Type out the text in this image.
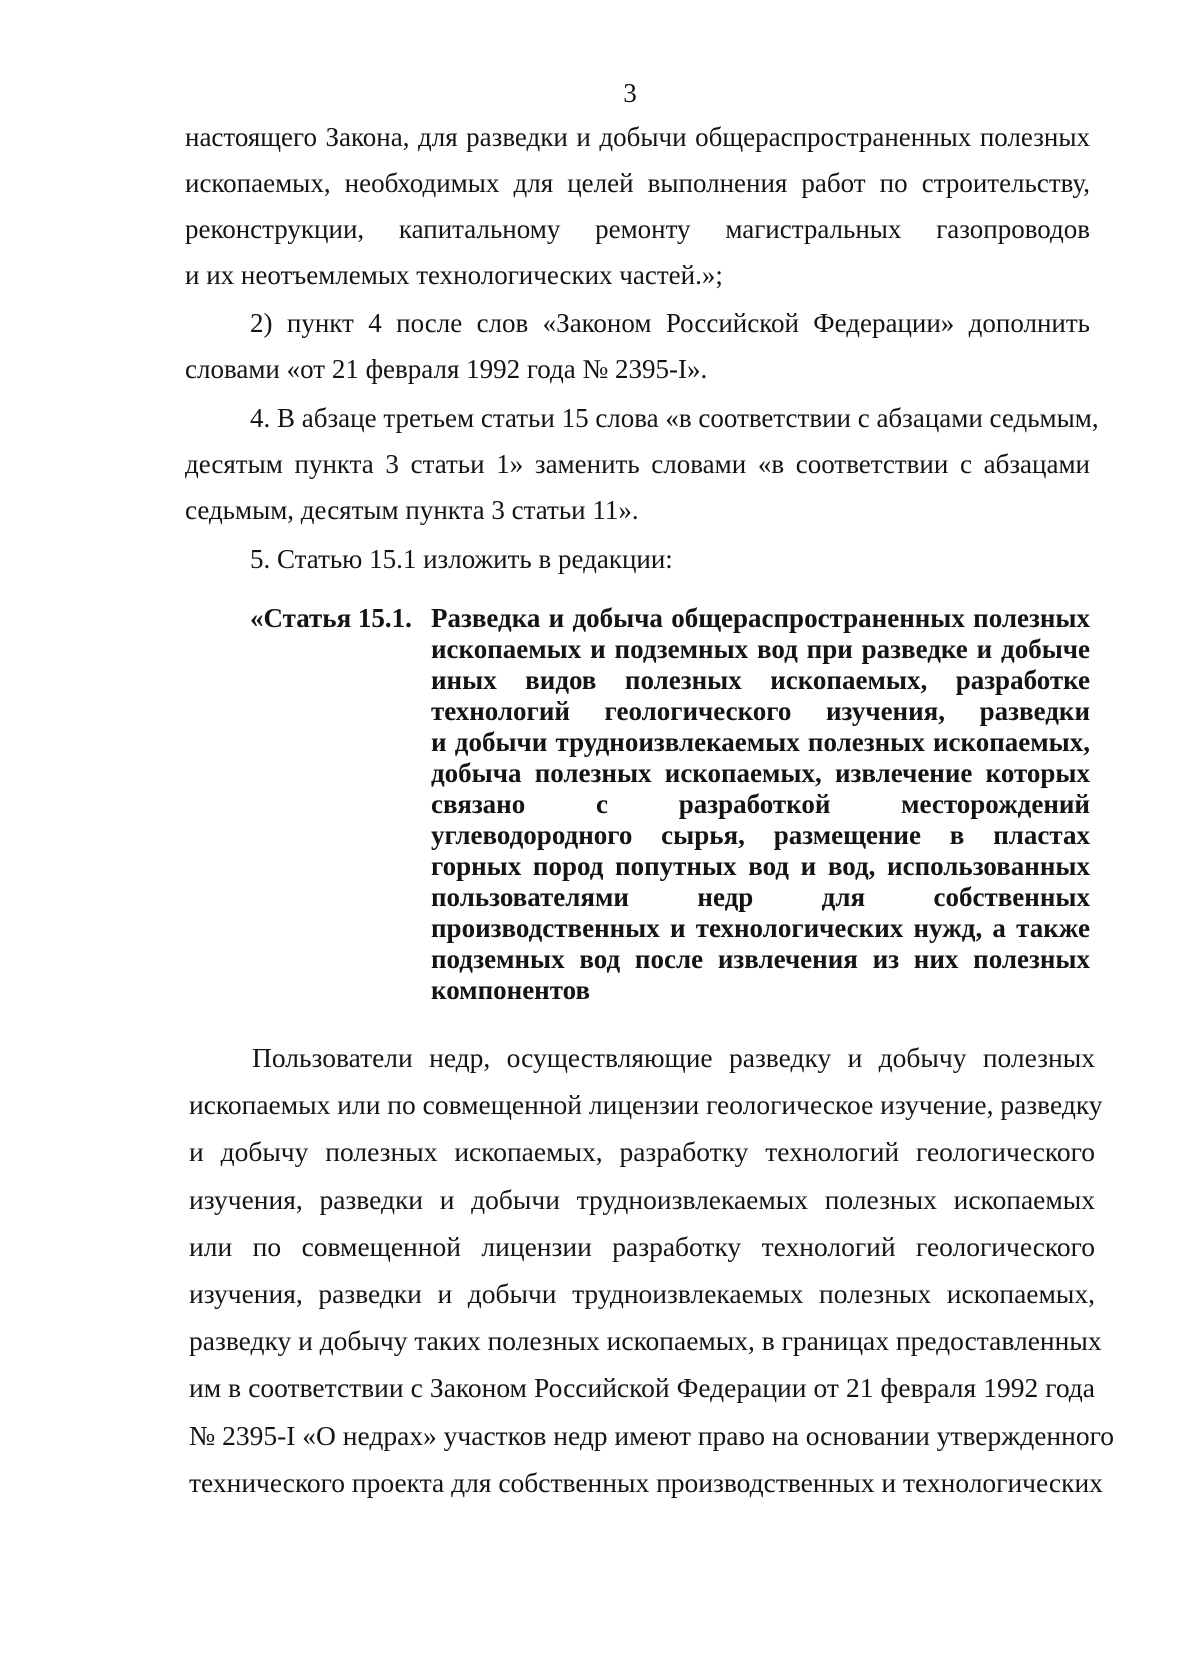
3
настоящего Закона, для разведки и добычи общераспространенных полезных
ископаемых, необходимых для целей выполнения работ по строительству,
реконструкции, капитальному ремонту магистральных газопроводов
и их неотъемлемых технологических частей.»;
2) пункт 4 после слов «Законом Российской Федерации» дополнить
словами «от 21 февраля 1992 года № 2395-I».
4. В абзаце третьем статьи 15 слова «в соответствии с абзацами седьмым,
десятым пункта 3 статьи 1» заменить словами «в соответствии с абзацами
седьмым, десятым пункта 3 статьи 11».
5. Статью 15.1 изложить в редакции:
«Статья 15.1. Разведка и добыча общераспространенных полезных
ископаемых и подземных вод при разведке и добыче
иных видов полезных ископаемых, разработке
технологий геологического изучения, разведки
и добычи трудноизвлекаемых полезных ископаемых,
добыча полезных ископаемых, извлечение которых
связано с разработкой месторождений
углеводородного сырья, размещение в пластах
горных пород попутных вод и вод, использованных
пользователями недр для собственных
производственных и технологических нужд, а также
подземных вод после извлечения из них полезных
компонентов
Пользователи недр, осуществляющие разведку и добычу полезных
ископаемых или по совмещенной лицензии геологическое изучение, разведку
и добычу полезных ископаемых, разработку технологий геологического
изучения, разведки и добычи трудноизвлекаемых полезных ископаемых
или по совмещенной лицензии разработку технологий геологического
изучения, разведки и добычи трудноизвлекаемых полезных ископаемых,
разведку и добычу таких полезных ископаемых, в границах предоставленных
им в соответствии с Законом Российской Федерации от 21 февраля 1992 года
№ 2395-I «О недрах» участков недр имеют право на основании утвержденного
технического проекта для собственных производственных и технологических
